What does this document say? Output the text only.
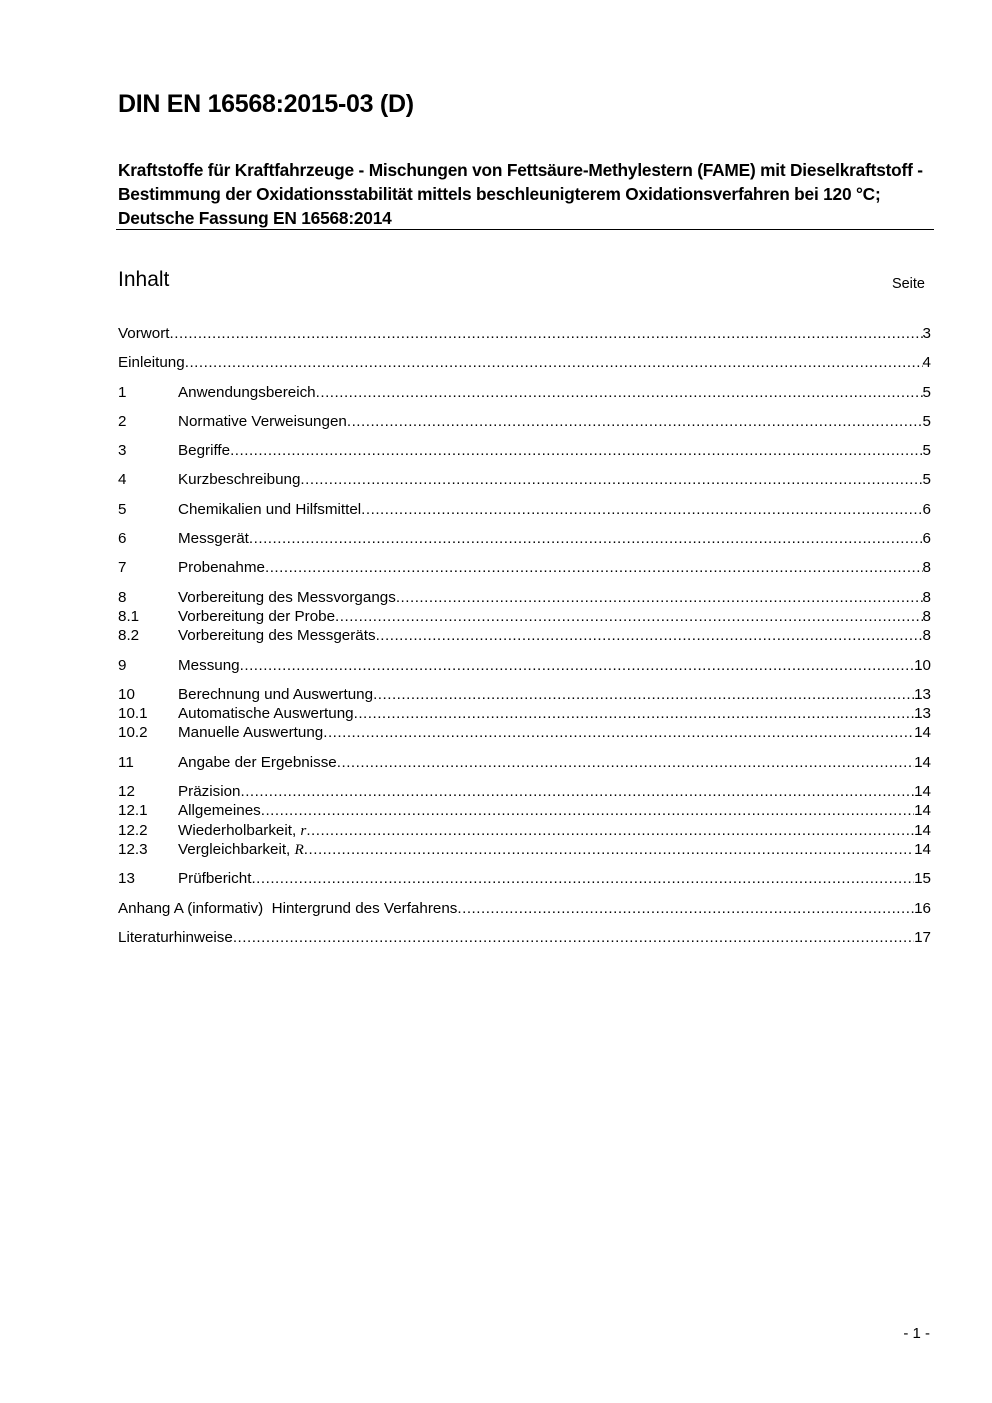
DIN EN 16568:2015-03 (D)
Kraftstoffe für Kraftfahrzeuge - Mischungen von Fettsäure-Methylestern (FAME) mit Dieselkraftstoff - Bestimmung der Oxidationsstabilität mittels beschleunigterem Oxidationsverfahren bei 120 °C; Deutsche Fassung EN 16568:2014
Inhalt	Seite
Vorwort .....	3
Einleitung .....	4
1	Anwendungsbereich .....	5
2	Normative Verweisungen .....	5
3	Begriffe .....	5
4	Kurzbeschreibung .....	5
5	Chemikalien und Hilfsmittel .....	6
6	Messgerät .....	6
7	Probenahme .....	8
8	Vorbereitung des Messvorgangs .....	8
8.1	Vorbereitung der Probe .....	8
8.2	Vorbereitung des Messgeräts .....	8
9	Messung .....	10
10	Berechnung und Auswertung .....	13
10.1	Automatische Auswertung .....	13
10.2	Manuelle Auswertung .....	14
11	Angabe der Ergebnisse .....	14
12	Präzision .....	14
12.1	Allgemeines .....	14
12.2	Wiederholbarkeit, r .....	14
12.3	Vergleichbarkeit, R .....	14
13	Prüfbericht .....	15
Anhang A (informativ)  Hintergrund des Verfahrens .....	16
Literaturhinweise .....	17
- 1 -
